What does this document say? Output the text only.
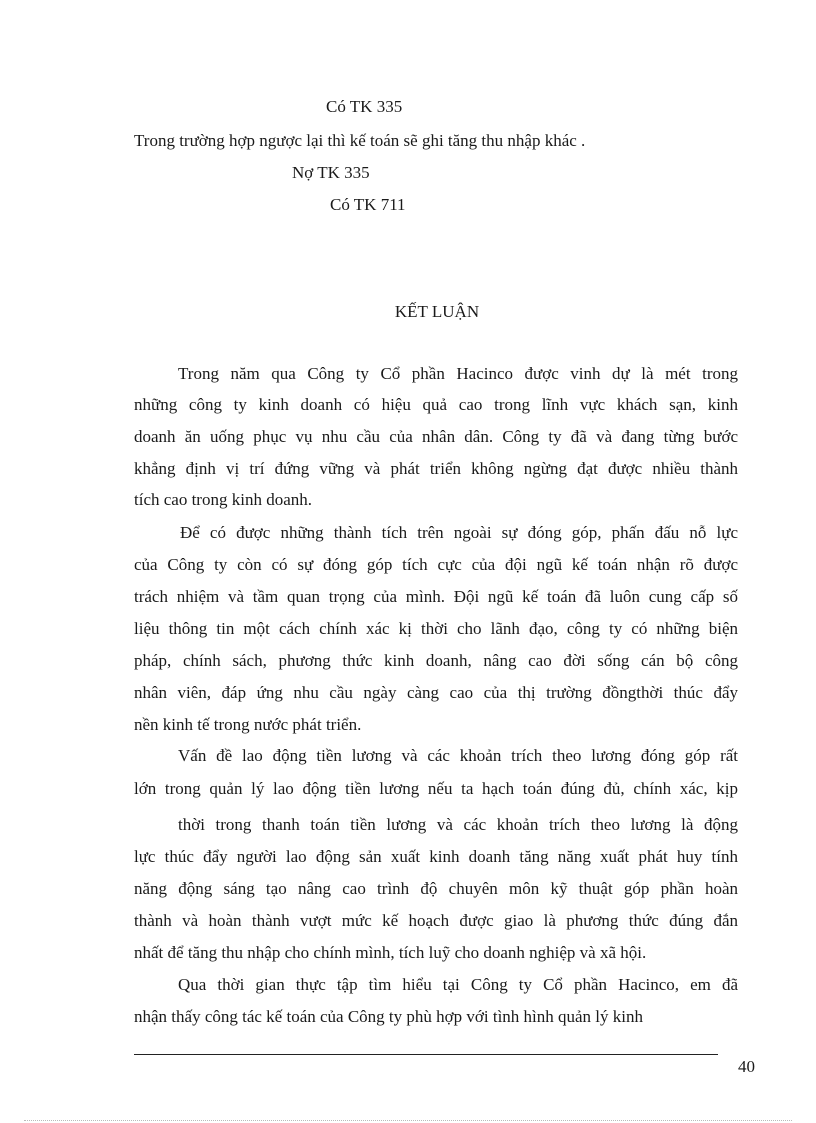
Có TK 335
Trong trường hợp ngược lại thì kế toán sẽ ghi tăng thu nhập khác .
Nợ TK 335
Có TK 711
KẾT LUẬN
Trong năm qua Công ty Cổ phần Hacinco được vinh dự là mét trong
những công ty kinh doanh có hiệu quả cao trong lĩnh vực khách sạn, kinh
doanh ăn uống phục vụ nhu cầu của nhân dân. Công ty đã và đang từng bước
khẳng định vị trí đứng vững và phát triển không ngừng đạt được nhiều thành
tích cao trong kinh doanh.
Để có được những thành tích trên ngoài sự đóng góp, phấn đấu nỗ lực
của Công ty còn có sự đóng góp tích cực của đội ngũ kế toán nhận rõ được
trách nhiệm và tầm quan trọng của mình. Đội ngũ kế toán đã luôn cung cấp số
liệu thông tin một cách chính xác kị thời cho lãnh đạo, công ty có những biện
pháp, chính sách, phương thức kinh doanh, nâng cao đời sống cán bộ công
nhân viên, đáp ứng nhu cầu ngày càng cao của thị trường đồngthời thúc đẩy
nền kinh tế trong nước phát triển.
Vấn đề lao động tiền lương và các khoản trích theo lương đóng góp rất
lớn trong quản lý lao động tiền lương nếu ta hạch toán đúng đủ, chính xác, kịp
thời trong thanh toán tiền lương và các khoản trích theo lương là động
lực thúc đẩy người lao động sản xuất kinh doanh tăng năng xuất phát huy tính
năng động sáng tạo nâng cao trình độ chuyên môn kỹ thuật góp phần hoàn
thành và hoàn thành vượt mức kế hoạch được giao là phương thức đúng đắn
nhất để tăng thu nhập cho chính mình, tích luỹ cho doanh nghiệp và xã hội.
Qua thời gian thực tập tìm hiểu tại Công ty Cổ phần Hacinco, em đã
nhận thấy công tác kế toán của Công ty phù hợp với tình hình quản lý kinh
40
